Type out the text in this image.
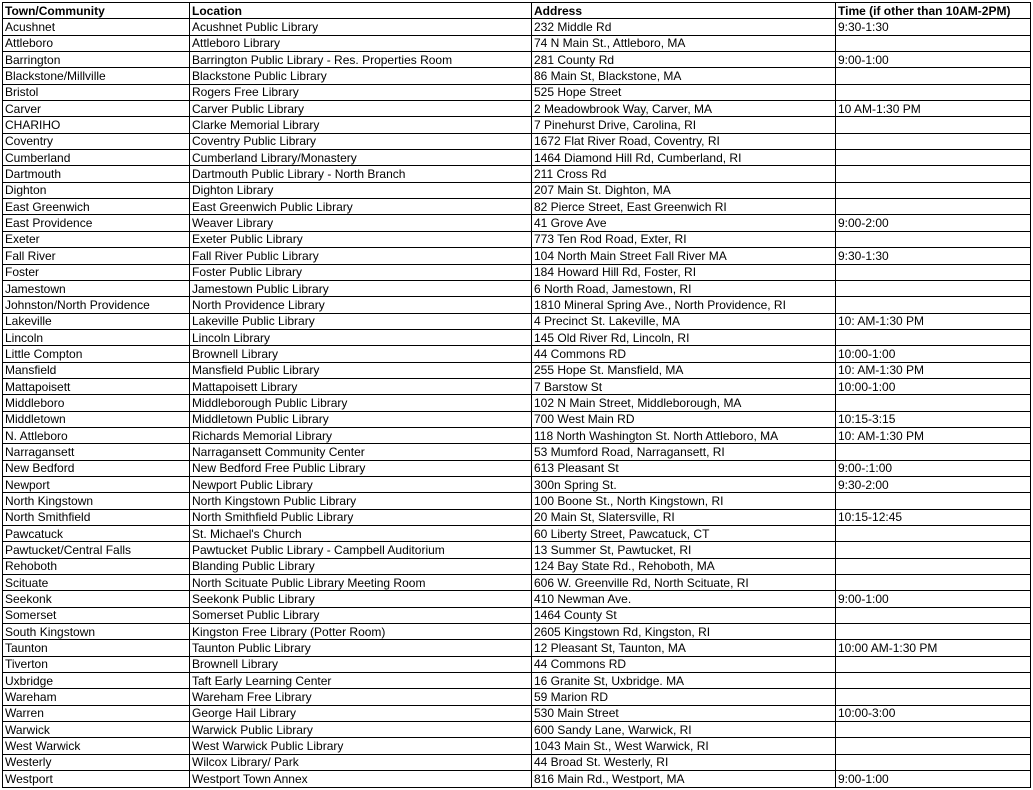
Town/Community	Location	Address	Time (if other than 10AM-2PM)
Acushnet	Acushnet Public Library	232 Middle Rd	9:30-1:30
Attleboro	Attleboro Library	74 N Main St., Attleboro, MA	
Barrington	Barrington Public Library - Res. Properties Room	281 County Rd	9:00-1:00
Blackstone/Millville	Blackstone Public Library	86 Main St, Blackstone, MA	
Bristol	Rogers Free Library	525 Hope Street	
Carver	Carver Public Library	2 Meadowbrook Way, Carver, MA	10 AM-1:30 PM
CHARIHO	Clarke Memorial Library	7 Pinehurst Drive, Carolina, RI	
Coventry	Coventry Public Library	1672 Flat River Road, Coventry, RI	
Cumberland	Cumberland Library/Monastery	1464 Diamond Hill Rd, Cumberland, RI	
Dartmouth	Dartmouth Public Library - North Branch	211 Cross Rd	
Dighton	Dighton Library	207 Main St. Dighton, MA	
East Greenwich	East Greenwich Public Library	82 Pierce Street, East Greenwich RI	
East Providence	Weaver Library	41 Grove Ave	9:00-2:00
Exeter	Exeter Public Library	773 Ten Rod Road, Exter, RI	
Fall River	Fall River Public Library	104 North Main Street Fall River MA	9:30-1:30
Foster	Foster Public Library	184 Howard Hill Rd, Foster, RI	
Jamestown	Jamestown Public Library	6 North Road, Jamestown, RI	
Johnston/North Providence	North Providence Library	1810 Mineral Spring Ave., North Providence, RI	
Lakeville	Lakeville Public Library	4 Precinct St. Lakeville, MA	10: AM-1:30 PM
Lincoln	Lincoln Library	145 Old River Rd, Lincoln, RI	
Little Compton	Brownell Library	44 Commons RD	10:00-1:00
Mansfield	Mansfield Public Library	255 Hope St. Mansfield, MA	10: AM-1:30 PM
Mattapoisett	Mattapoisett Library	7 Barstow St	10:00-1:00
Middleboro	Middleborough Public Library	102 N Main Street, Middleborough, MA	
Middletown	Middletown Public Library	700 West Main RD	10:15-3:15
N. Attleboro	Richards Memorial Library	118 North Washington St. North Attleboro, MA	10: AM-1:30 PM
Narragansett	Narragansett Community Center	53 Mumford Road, Narragansett, RI	
New Bedford	New Bedford Free Public Library	613 Pleasant St	9:00-:1:00
Newport	Newport Public Library	300n Spring St.	9:30-2:00
North Kingstown	North Kingstown Public Library	100 Boone St., North Kingstown, RI	
North Smithfield	North Smithfield Public Library	20 Main St, Slatersville, RI	10:15-12:45
Pawcatuck	St. Michael's Church	60 Liberty Street, Pawcatuck, CT	
Pawtucket/Central Falls	Pawtucket Public Library - Campbell Auditorium	13 Summer St, Pawtucket, RI	
Rehoboth	Blanding Public Library	124 Bay State Rd., Rehoboth, MA	
Scituate	North Scituate Public Library Meeting Room	606 W. Greenville Rd, North Scituate, RI	
Seekonk	Seekonk Public Library	410 Newman Ave.	9:00-1:00
Somerset	Somerset Public Library	1464 County St	
South Kingstown	Kingston Free Library (Potter Room)	2605 Kingstown Rd, Kingston, RI	
Taunton	Taunton Public Library	12 Pleasant St, Taunton, MA	10:00 AM-1:30 PM
Tiverton	Brownell Library	44 Commons RD	
Uxbridge	Taft Early Learning Center	16 Granite St, Uxbridge. MA	
Wareham	Wareham Free Library	59 Marion RD	
Warren	George Hail Library	530 Main Street	10:00-3:00
Warwick	Warwick Public Library	600 Sandy Lane, Warwick, RI	
West Warwick	West Warwick Public Library	1043 Main St., West Warwick, RI	
Westerly	Wilcox Library/ Park	44 Broad St. Westerly, RI	
Westport	Westport Town Annex	816 Main Rd., Westport, MA	9:00-1:00
